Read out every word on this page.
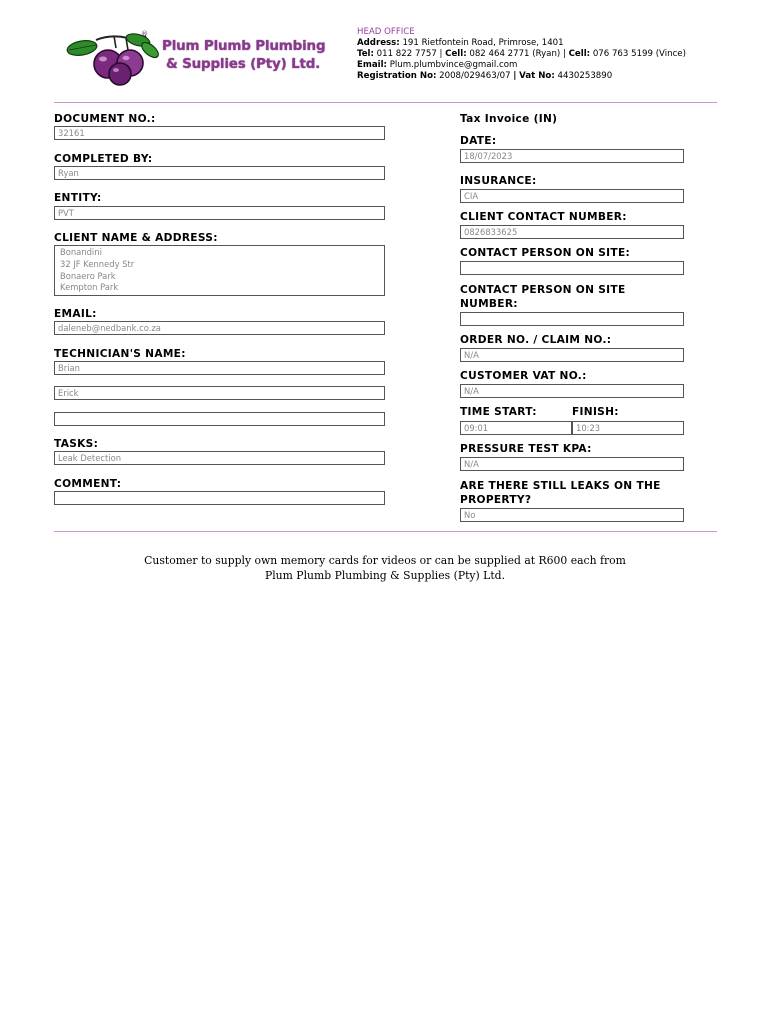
®
Plum Plumb Plumbing
& Supplies (Pty) Ltd.
HEAD OFFICE
Address: 191 Rietfontein Road, Primrose, 1401
Tel: 011 822 7757 | Cell: 082 464 2771 (Ryan) | Cell: 076 763 5199 (Vince)
Email: Plum.plumbvince@gmail.com
Registration No: 2008/029463/07 | Vat No: 4430253890
DOCUMENT NO.:
32161
COMPLETED BY:
Ryan
ENTITY:
PVT
CLIENT NAME & ADDRESS:
Bonandini
32 JF Kennedy Str
Bonaero Park
Kempton Park
EMAIL:
daleneb@nedbank.co.za
TECHNICIAN'S NAME:
Brian
Erick
TASKS:
Leak Detection
COMMENT:
Tax Invoice (IN)
DATE:
18/07/2023
INSURANCE:
CIA
CLIENT CONTACT NUMBER:
0826833625
CONTACT PERSON ON SITE:
CONTACT PERSON ON SITE NUMBER:
ORDER NO. / CLAIM NO.:
N/A
CUSTOMER VAT NO.:
N/A
TIME START:	FINISH:
09:01	10:23
PRESSURE TEST KPA:
N/A
ARE THERE STILL LEAKS ON THE PROPERTY?
No
Customer to supply own memory cards for videos or can be supplied at R600 each from
Plum Plumb Plumbing & Supplies (Pty) Ltd.
